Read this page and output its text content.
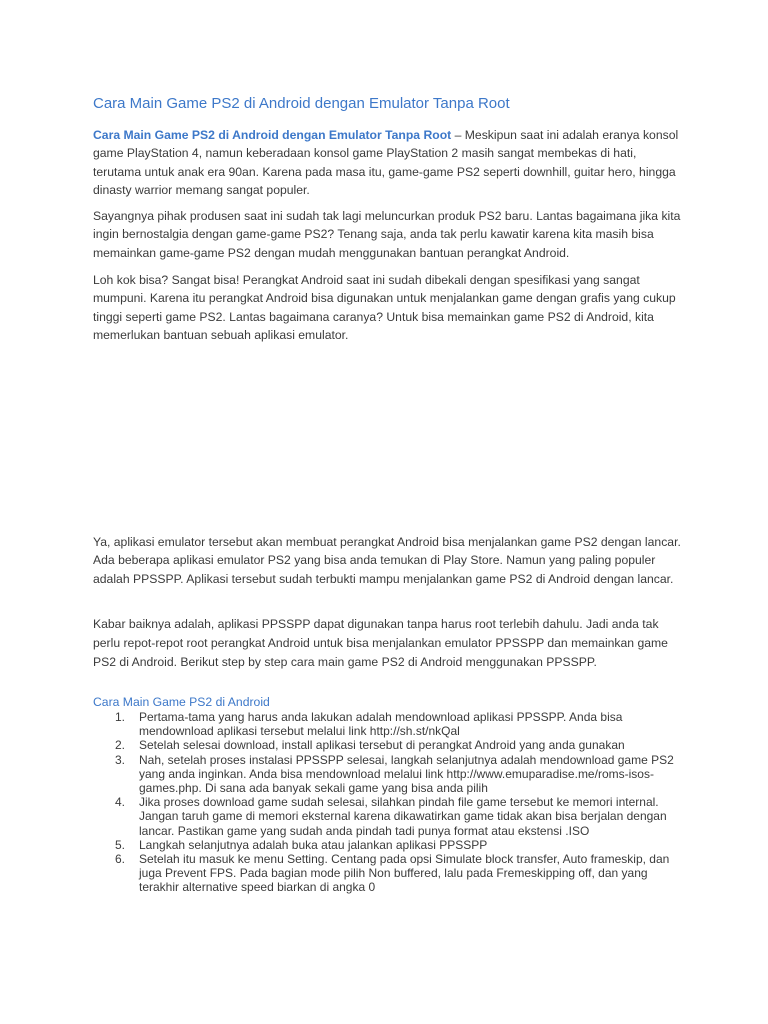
Cara Main Game PS2 di Android dengan Emulator Tanpa Root

Cara Main Game PS2 di Android dengan Emulator Tanpa Root – Meskipun saat ini adalah eranya konsol game PlayStation 4, namun keberadaan konsol game PlayStation 2 masih sangat membekas di hati, terutama untuk anak era 90an. Karena pada masa itu, game-game PS2 seperti downhill, guitar hero, hingga dinasty warrior memang sangat populer.

Sayangnya pihak produsen saat ini sudah tak lagi meluncurkan produk PS2 baru. Lantas bagaimana jika kita ingin bernostalgia dengan game-game PS2? Tenang saja, anda tak perlu kawatir karena kita masih bisa memainkan game-game PS2 dengan mudah menggunakan bantuan perangkat Android.

Loh kok bisa? Sangat bisa! Perangkat Android saat ini sudah dibekali dengan spesifikasi yang sangat mumpuni. Karena itu perangkat Android bisa digunakan untuk menjalankan game dengan grafis yang cukup tinggi seperti game PS2. Lantas bagaimana caranya? Untuk bisa memainkan game PS2 di Android, kita memerlukan bantuan sebuah aplikasi emulator.

Ya, aplikasi emulator tersebut akan membuat perangkat Android bisa menjalankan game PS2 dengan lancar. Ada beberapa aplikasi emulator PS2 yang bisa anda temukan di Play Store. Namun yang paling populer adalah PPSSPP. Aplikasi tersebut sudah terbukti mampu menjalankan game PS2 di Android dengan lancar.

Kabar baiknya adalah, aplikasi PPSSPP dapat digunakan tanpa harus root terlebih dahulu. Jadi anda tak perlu repot-repot root perangkat Android untuk bisa menjalankan emulator PPSSPP dan memainkan game PS2 di Android. Berikut step by step cara main game PS2 di Android menggunakan PPSSPP.

Cara Main Game PS2 di Android
1. Pertama-tama yang harus anda lakukan adalah mendownload aplikasi PPSSPP. Anda bisa mendownload aplikasi tersebut melalui link http://sh.st/nkQal
2. Setelah selesai download, install aplikasi tersebut di perangkat Android yang anda gunakan
3. Nah, setelah proses instalasi PPSSPP selesai, langkah selanjutnya adalah mendownload game PS2 yang anda inginkan. Anda bisa mendownload melalui link http://www.emuparadise.me/roms-isos-games.php. Di sana ada banyak sekali game yang bisa anda pilih
4. Jika proses download game sudah selesai, silahkan pindah file game tersebut ke memori internal. Jangan taruh game di memori eksternal karena dikawatirkan game tidak akan bisa berjalan dengan lancar. Pastikan game yang sudah anda pindah tadi punya format atau ekstensi .ISO
5. Langkah selanjutnya adalah buka atau jalankan aplikasi PPSSPP
6. Setelah itu masuk ke menu Setting. Centang pada opsi Simulate block transfer, Auto frameskip, dan juga Prevent FPS. Pada bagian mode pilih Non buffered, lalu pada Fremeskipping off, dan yang terakhir alternative speed biarkan di angka 0
